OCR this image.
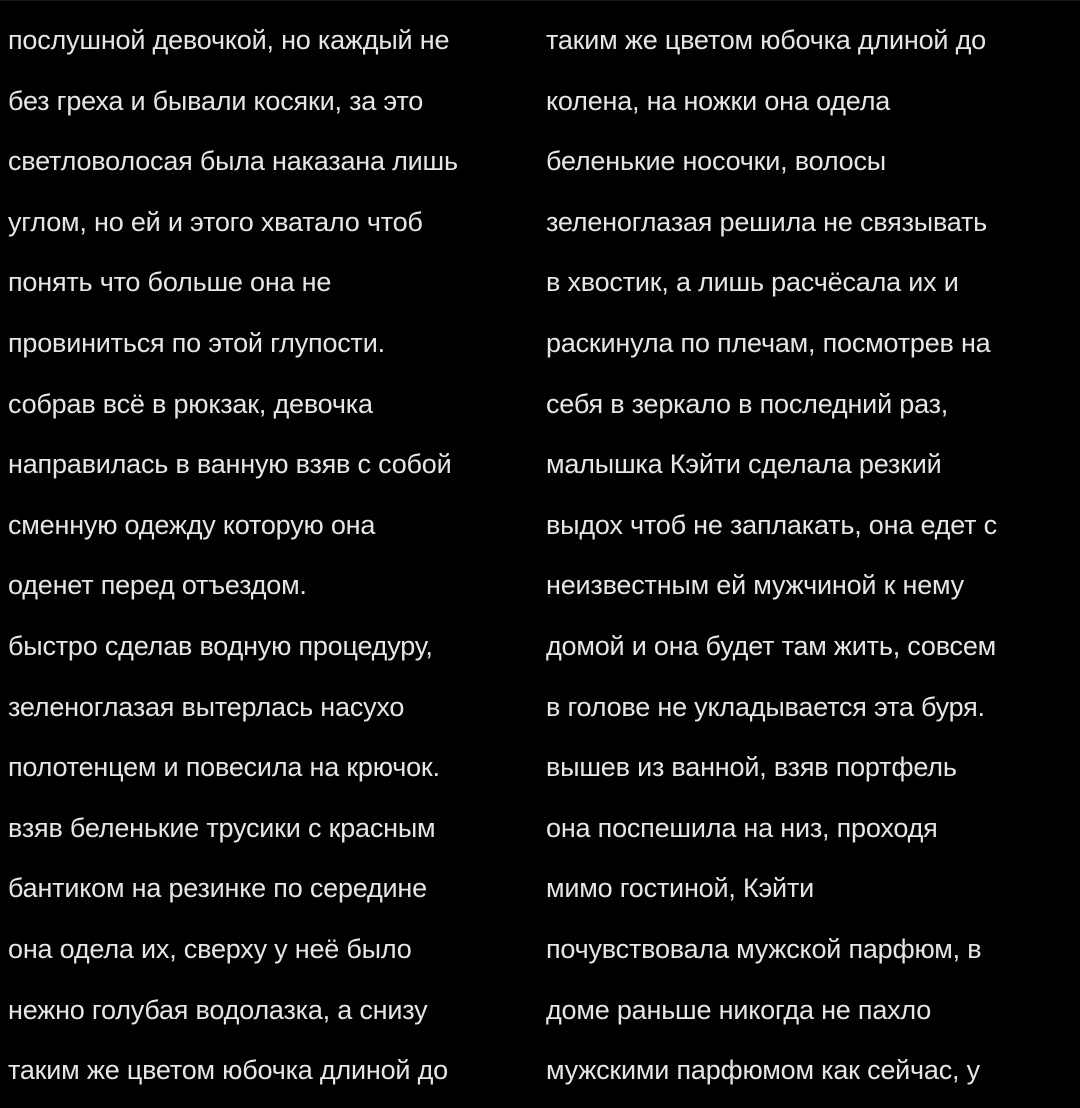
послушной девочкой, но каждый не
без греха и бывали косяки, за это
светловолосая была наказана лишь
углом, но ей и этого хватало чтоб
понять что больше она не
провиниться по этой глупости.
собрав всё в рюкзак, девочка
направилась в ванную взяв с собой
сменную одежду которую она
оденет перед отъездом.
быстро сделав водную процедуру,
зеленоглазая вытерлась насухо
полотенцем и повесила на крючок.
взяв беленькие трусики с красным
бантиком на резинке по середине
она одела их, сверху у неё было
нежно голубая водолазка, а снизу
таким же цветом юбочка длиной до
таким же цветом юбочка длиной до
колена, на ножки она одела
беленькие носочки, волосы
зеленоглазая решила не связывать
в хвостик, а лишь расчёсала их и
раскинула по плечам, посмотрев на
себя в зеркало в последний раз,
малышка Кэйти сделала резкий
выдох чтоб не заплакать, она едет с
неизвестным ей мужчиной к нему
домой и она будет там жить, совсем
в голове не укладывается эта буря.
вышев из ванной, взяв портфель
она поспешила на низ, проходя
мимо гостиной, Кэйти
почувствовала мужской парфюм, в
доме раньше никогда не пахло
мужскими парфюмом как сейчас, у
